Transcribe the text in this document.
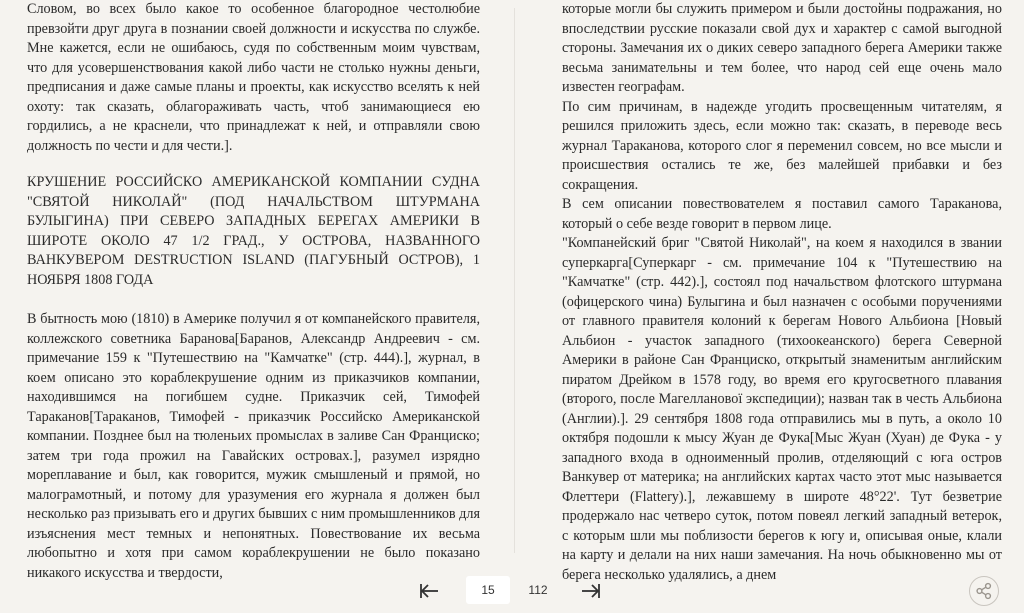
Словом, во всех было какое то особенное благородное честолюбие превзойти друг друга в познании своей должности и искусства по службе. Мне кажется, если не ошибаюсь, судя по собственным моим чувствам, что для усовершенствования какой либо части не столько нужны деньги, предписания и даже самые планы и проекты, как искусство вселять к ней охоту: так сказать, облагораживать часть, чтоб занимающиеся ею гордились, а не краснели, что принадлежат к ней, и отправляли свою должность по чести и для чести.].

КРУШЕНИЕ РОССИЙСКО АМЕРИКАНСКОЙ КОМПАНИИ СУДНА "СВЯТОЙ НИКОЛАЙ" (ПОД НАЧАЛЬСТВОМ ШТУРМАНА БУЛЫГИНА) ПРИ СЕВЕРО ЗАПАДНЫХ БЕРЕГАХ АМЕРИКИ В ШИРОТЕ ОКОЛО 47 1/2 ГРАД., У ОСТРОВА, НАЗВАННОГО ВАНКУВЕРОМ DESTRUCTION ISLAND (ПАГУБНЫЙ ОСТРОВ), 1 НОЯБРЯ 1808 ГОДА

В бытность мою (1810) в Америке получил я от компанейского правителя, коллежского советника Баранова[Баранов, Александр Андреевич - см. примечание 159 к "Путешествию на "Камчатке" (стр. 444).], журнал, в коем описано это кораблекрушение одним из приказчиков компании, находившимся на погибшем судне. Приказчик сей, Тимофей Тараканов[Тараканов, Тимофей - приказчик Российско Американской компании. Позднее был на тюленьих промыслах в заливе Сан Франциско; затем три года прожил на Гавайских островах.], разумел изрядно мореплавание и был, как говорится, мужик смышленый и прямой, но малограмотный, и потому для уразумения его журнала я должен был несколько раз призывать его и других бывших с ним промышленников для изъяснения мест темных и непонятных. Повествование их весьма любопытно и хотя при самом кораблекрушении не было показано никакого искусства и твердости,

которые могли бы служить примером и были достойны подражания, но впоследствии русские показали свой дух и характер с самой выгодной стороны. Замечания их о диких северо западного берега Америки также весьма занимательны и тем более, что народ сей еще очень мало известен географам.

По сим причинам, в надежде угодить просвещенным читателям, я решился приложить здесь, если можно так: сказать, в переводе весь журнал Тараканова, которого слог я переменил совсем, но все мысли и происшествия остались те же, без малейшей прибавки и без сокращения.

В сем описании повествователем я поставил самого Тараканова, который о себе везде говорит в первом лице.

"Компанейский бриг "Святой Николай", на коем я находился в звании суперкарга[Суперкарг - см. примечание 104 к "Путешествию на "Камчатке" (стр. 442).], состоял под начальством флотского штурмана (офицерского чина) Булыгина и был назначен с особыми поручениями от главного правителя колоний к берегам Нового Альбиона [Новый Альбион - участок западного (тихоокеанского) берега Северной Америки в районе Сан Франциско, открытый знаменитым английским пиратом Дрейком в 1578 году, во время его кругосветного плавания (второго, после Магелланової экспедиции); назван так в честь Альбиона (Англии).]. 29 сентября 1808 года отправились мы в путь, а около 10 октября подошли к мысу Жуан де Фука[Мыс Жуан (Хуан) де Фука - у западного входа в одноименный пролив, отделяющий с юга остров Ванкувер от материка; на английских картах часто этот мыс называется Флеттери (Flattery).], лежавшему в широте 48°22'. Тут безветрие продержало нас четверо суток, потом повеял легкий западный ветерок, с которым шли мы поблизости берегов к югу и, описывая оные, клали на карту и делали на них наши замечания. На ночь обыкновенно мы от берега несколько удалялись, а днем

15	112
